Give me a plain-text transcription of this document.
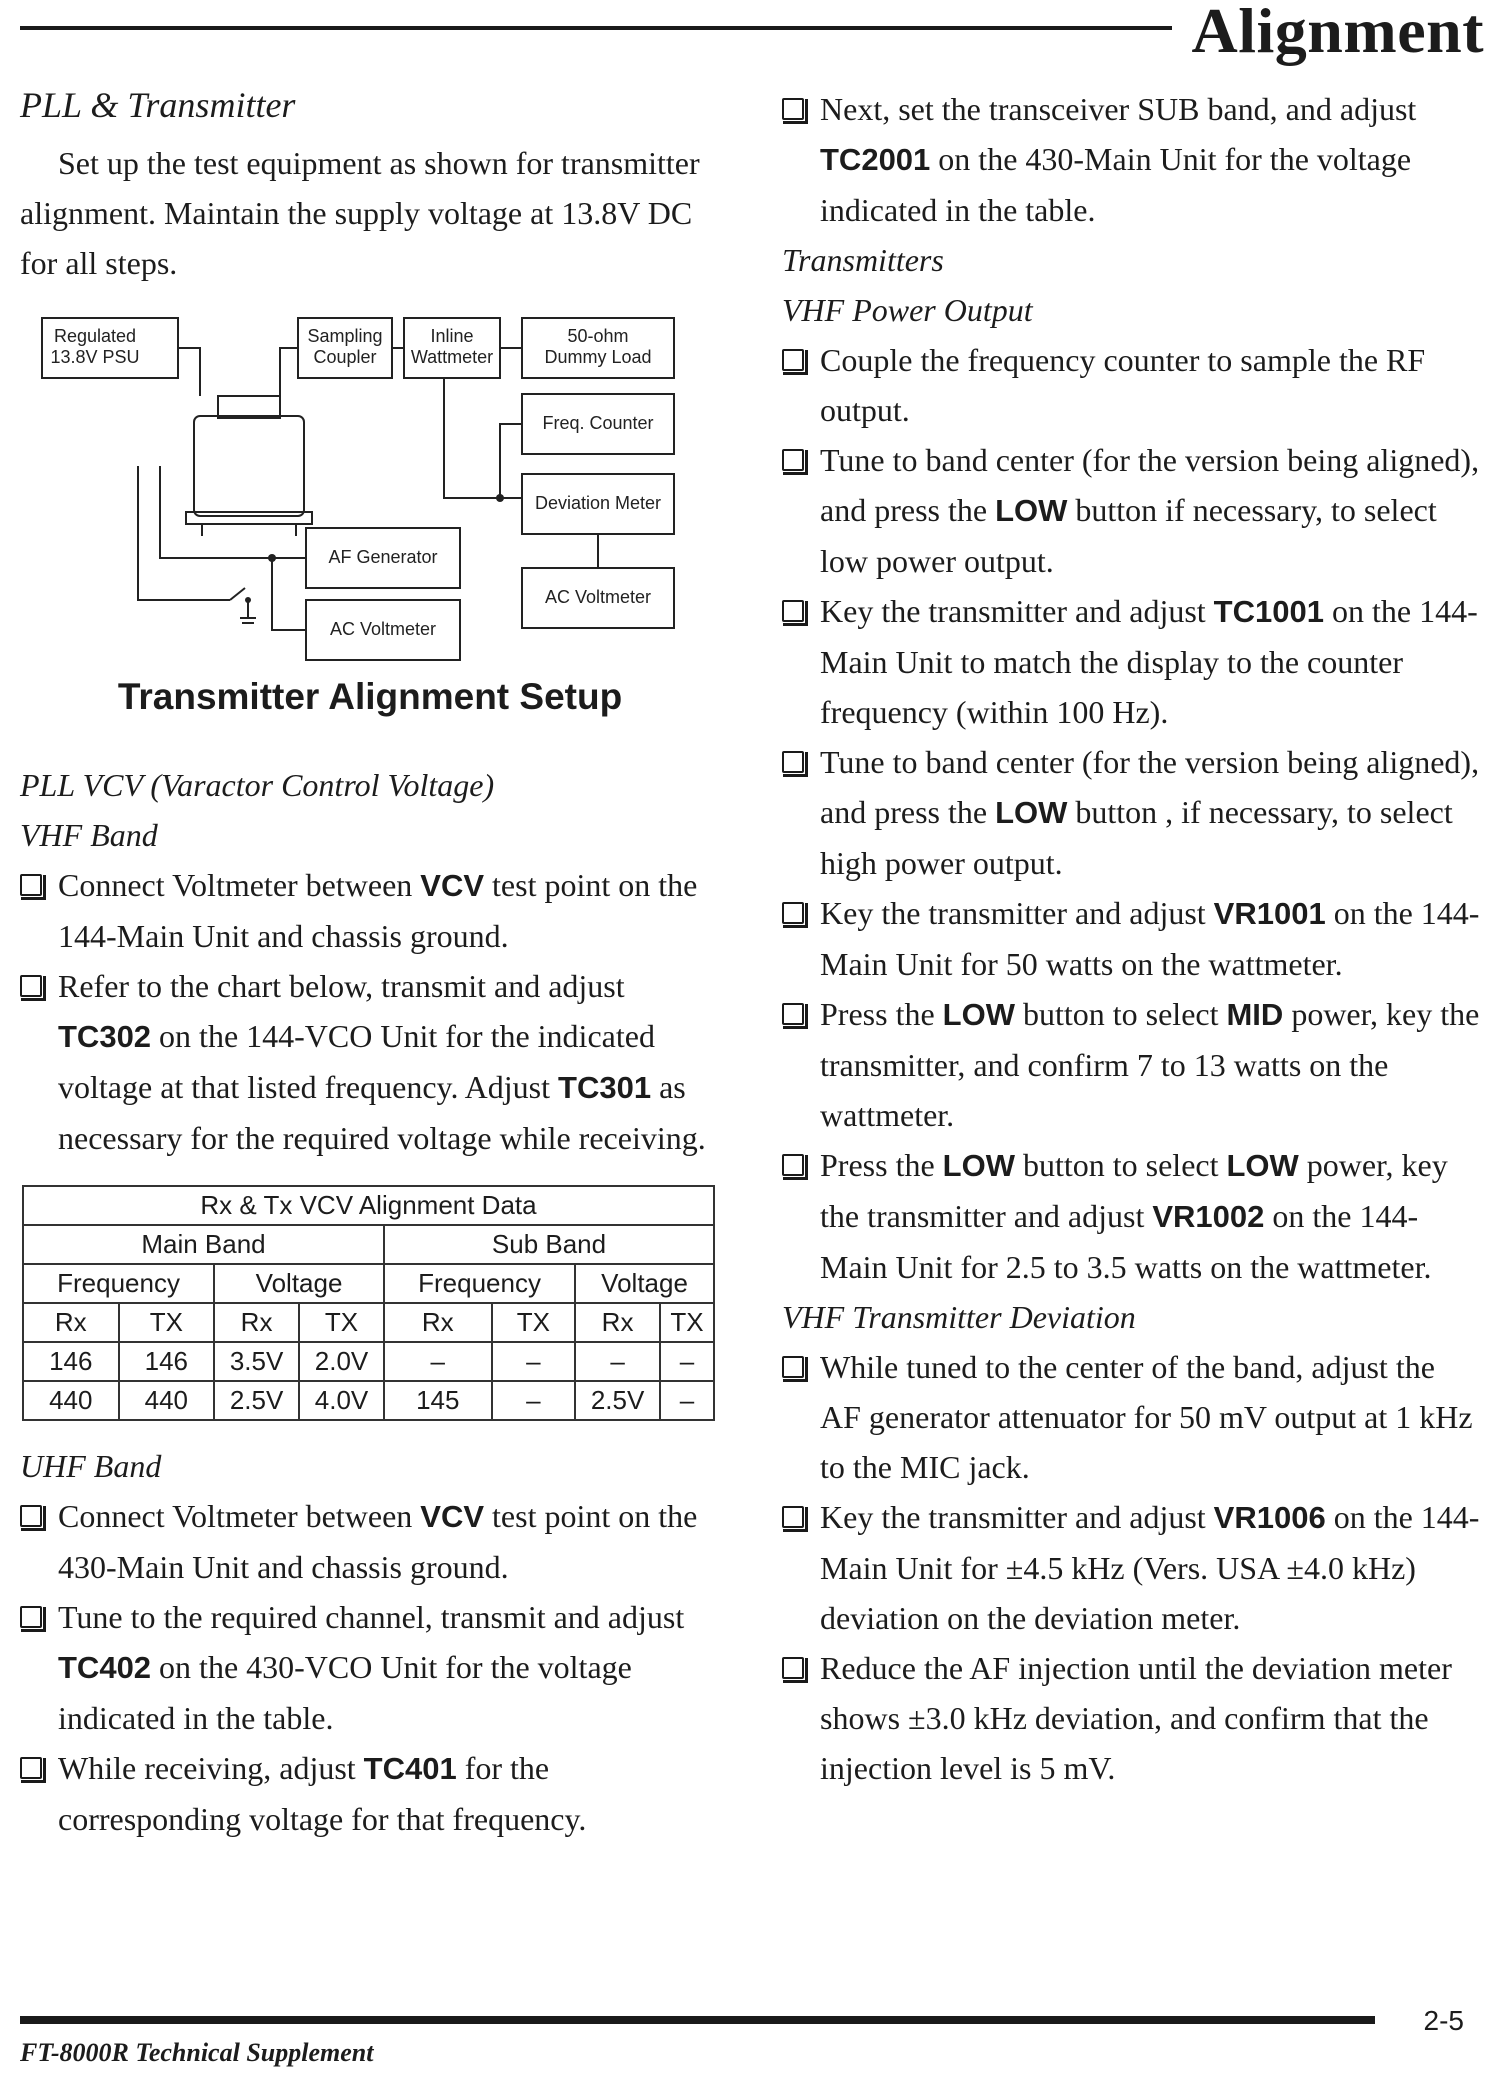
Alignment

PLL & Transmitter

Set up the test equipment as shown for transmitter alignment. Maintain the supply voltage at 13.8V DC for all steps.

Regulated 13.8V PSU
Sampling Coupler
Inline Wattmeter
50-ohm Dummy Load
Freq. Counter
Deviation Meter
AF Generator
AC Voltmeter
AC Voltmeter

Transmitter Alignment Setup

PLL VCV (Varactor Control Voltage)

VHF Band

Connect Voltmeter between VCV test point on the 144-Main Unit and chassis ground.

Refer to the chart below, transmit and adjust TC302 on the 144-VCO Unit for the indicated voltage at that listed frequency. Adjust TC301 as necessary for the required voltage while receiving.

Rx & Tx VCV Alignment Data							
Main Band				Sub Band			
Frequency		Voltage		Frequency		Voltage	
Rx	TX	Rx	TX	Rx	TX	Rx	TX
146	146	3.5V	2.0V	–	–	–	–
440	440	2.5V	4.0V	145	–	2.5V	–

UHF Band

Connect Voltmeter between VCV test point on the 430-Main Unit and chassis ground.

Tune to the required channel, transmit and adjust TC402 on the 430-VCO Unit for the voltage indicated in the table.

While receiving, adjust TC401 for the corresponding voltage for that frequency.

Next, set the transceiver SUB band, and adjust TC2001 on the 430-Main Unit for the voltage indicated in the table.

Transmitters

VHF Power Output

Couple the frequency counter to sample the RF output.

Tune to band center (for the version being aligned), and press the LOW button if necessary, to select low power output.

Key the transmitter and adjust TC1001 on the 144-Main Unit to match the display to the counter frequency (within 100 Hz).

Tune to band center (for the version being aligned), and press the LOW button , if necessary, to select high power output.

Key the transmitter and adjust VR1001 on the 144-Main Unit for 50 watts on the wattmeter.

Press the LOW button to select MID power, key the transmitter, and confirm 7 to 13 watts on the wattmeter.

Press the LOW button to select LOW power, key the transmitter and adjust VR1002 on the 144-Main Unit for 2.5 to 3.5 watts on the wattmeter.

VHF Transmitter Deviation

While tuned to the center of the band, adjust the AF generator attenuator for 50 mV output at 1 kHz to the MIC jack.

Key the transmitter and adjust VR1006 on the 144-Main Unit for ±4.5 kHz (Vers. USA ±4.0 kHz) deviation on the deviation meter.

Reduce the AF injection until the deviation meter shows ±3.0 kHz deviation, and confirm that the injection level is 5 mV.

FT-8000R Technical Supplement
2-5
